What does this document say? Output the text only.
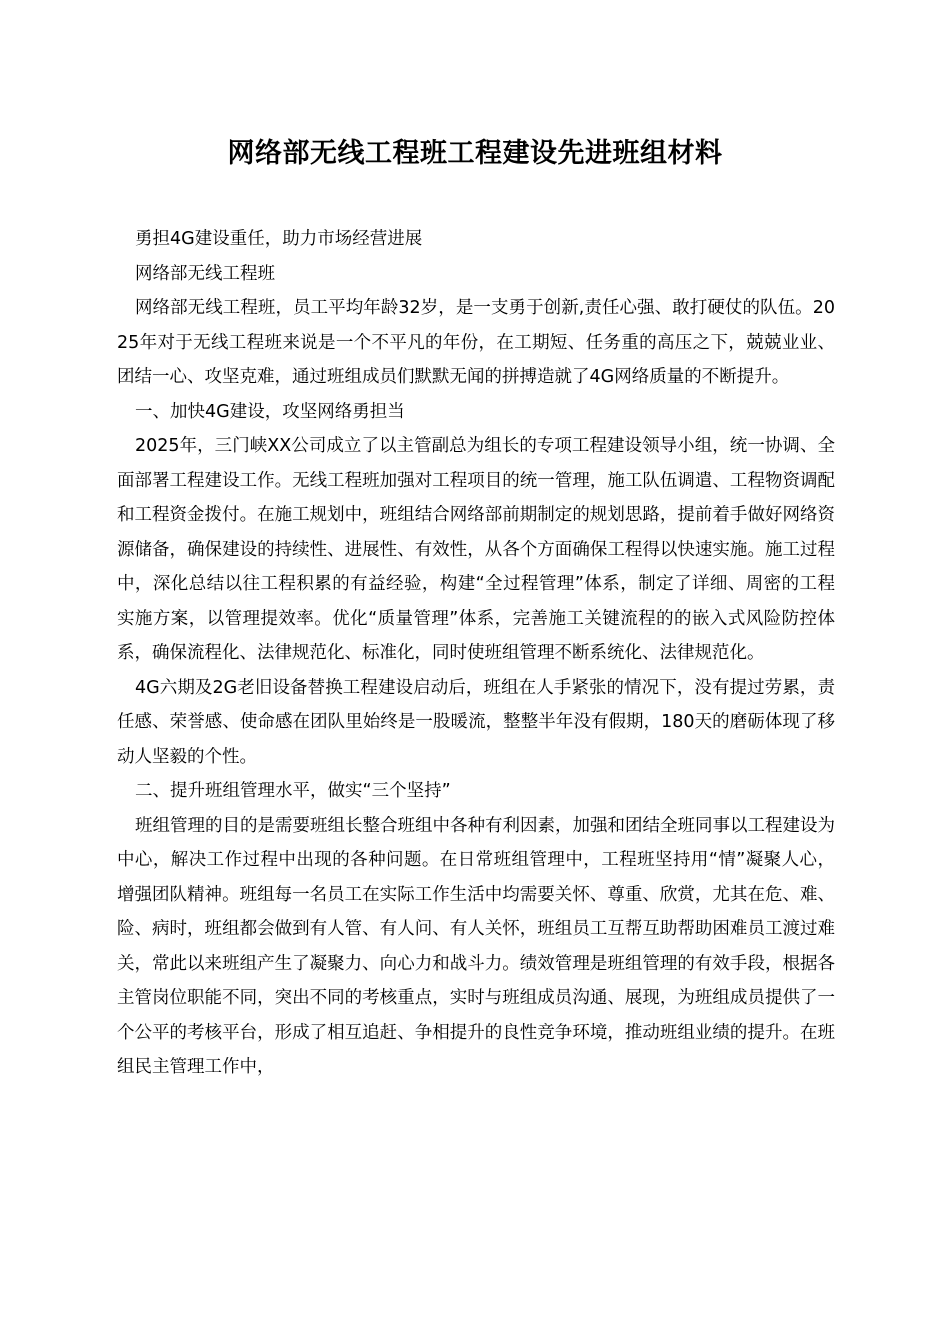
网络部无线工程班工程建设先进班组材料

勇担4G建设重任，助力市场经营进展

网络部无线工程班

网络部无线工程班，员工平均年龄32岁，是一支勇于创新,责任心强、敢打硬仗的队伍。2025年对于无线工程班来说是一个不平凡的年份，在工期短、任务重的高压之下，兢兢业业、团结一心、攻坚克难，通过班组成员们默默无闻的拼搏造就了4G网络质量的不断提升。

一、加快4G建设，攻坚网络勇担当

2025年，三门峡XX公司成立了以主管副总为组长的专项工程建设领导小组，统一协调、全面部署工程建设工作。无线工程班加强对工程项目的统一管理，施工队伍调遣、工程物资调配和工程资金拨付。在施工规划中，班组结合网络部前期制定的规划思路，提前着手做好网络资源储备，确保建设的持续性、进展性、有效性，从各个方面确保工程得以快速实施。施工过程中，深化总结以往工程积累的有益经验，构建“全过程管理”体系，制定了详细、周密的工程实施方案，以管理提效率。优化“质量管理”体系，完善施工关键流程的的嵌入式风险防控体系，确保流程化、法律规范化、标准化，同时使班组管理不断系统化、法律规范化。

4G六期及2G老旧设备替换工程建设启动后，班组在人手紧张的情况下，没有提过劳累，责任感、荣誉感、使命感在团队里始终是一股暖流，整整半年没有假期，180天的磨砺体现了移动人坚毅的个性。

二、提升班组管理水平，做实“三个坚持”

班组管理的目的是需要班组长整合班组中各种有利因素，加强和团结全班同事以工程建设为中心，解决工作过程中出现的各种问题。在日常班组管理中，工程班坚持用“情”凝聚人心，增强团队精神。班组每一名员工在实际工作生活中均需要关怀、尊重、欣赏，尤其在危、难、险、病时，班组都会做到有人管、有人问、有人关怀，班组员工互帮互助帮助困难员工渡过难关，常此以来班组产生了凝聚力、向心力和战斗力。绩效管理是班组管理的有效手段，根据各主管岗位职能不同，突出不同的考核重点，实时与班组成员沟通、展现，为班组成员提供了一个公平的考核平台，形成了相互追赶、争相提升的良性竞争环境，推动班组业绩的提升。在班组民主管理工作中，
